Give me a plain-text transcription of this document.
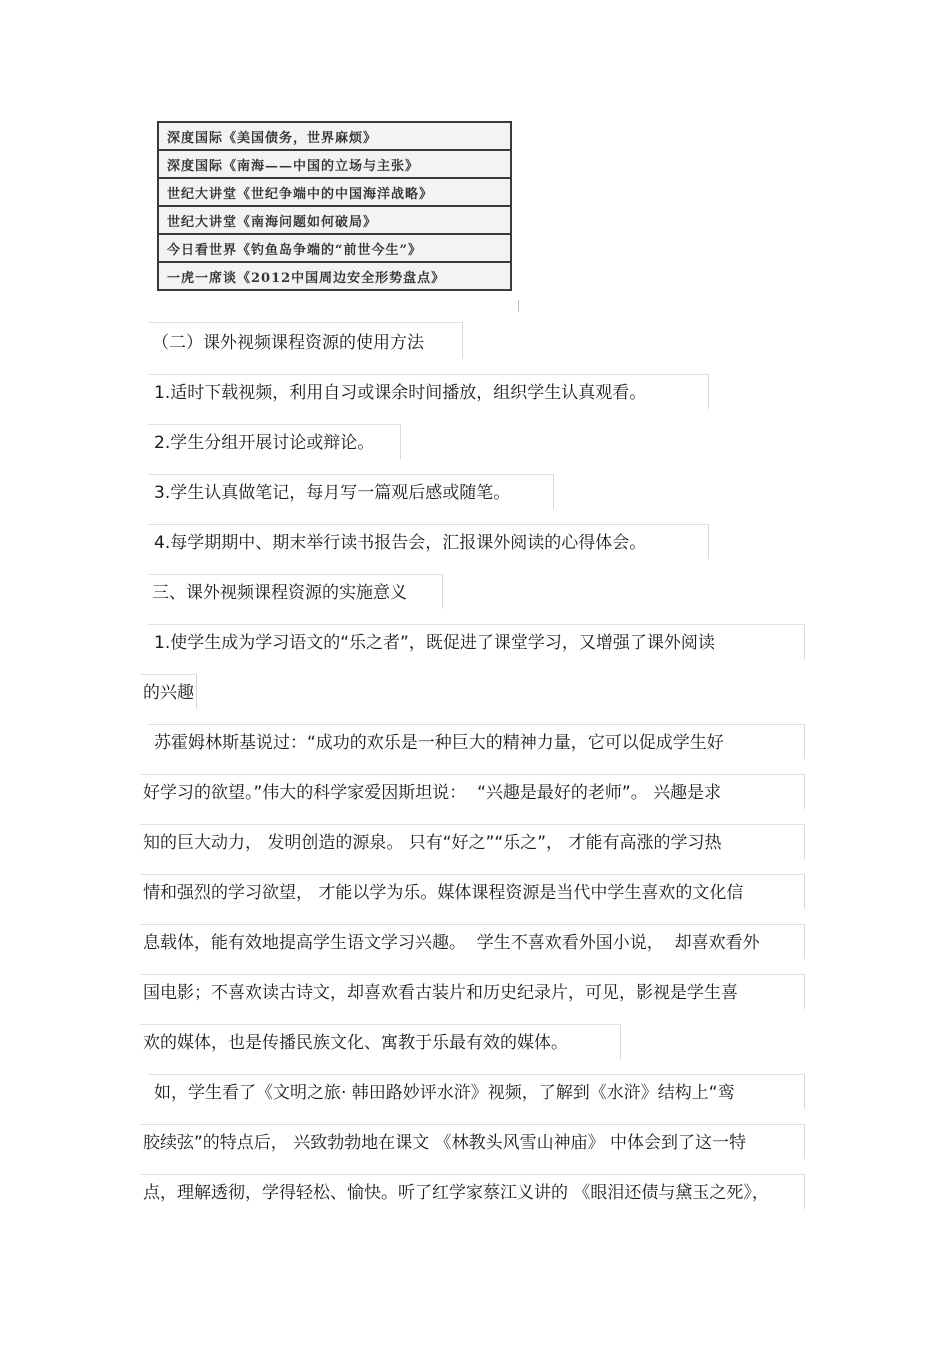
深度国际《美国债务，世界麻烦》
深度国际《南海——中国的立场与主张》
世纪大讲堂《世纪争端中的中国海洋战略》
世纪大讲堂《南海问题如何破局》
今日看世界《钓鱼岛争端的“前世今生”》
一虎一席谈《2012中国周边安全形势盘点》
（二）课外视频课程资源的使用方法
1.适时下载视频，利用自习或课余时间播放，组织学生认真观看。
2.学生分组开展讨论或辩论。
3.学生认真做笔记，每月写一篇观后感或随笔。
4.每学期期中、期末举行读书报告会，汇报课外阅读的心得体会。
三、课外视频课程资源的实施意义
1.使学生成为学习语文的“乐之者”，既促进了课堂学习，又增强了课外阅读
的兴趣
苏霍姆林斯基说过：“成功的欢乐是一种巨大的精神力量，它可以促成学生好
好学习的欲望。”伟大的科学家爱因斯坦说：  “兴趣是最好的老师”。 兴趣是求
知的巨大动力， 发明创造的源泉。 只有“好之”“乐之”， 才能有高涨的学习热
情和强烈的学习欲望， 才能以学为乐。媒体课程资源是当代中学生喜欢的文化信
息载体，能有效地提高学生语文学习兴趣。  学生不喜欢看外国小说，  却喜欢看外
国电影；不喜欢读古诗文，却喜欢看古装片和历史纪录片，可见，影视是学生喜
欢的媒体，也是传播民族文化、寓教于乐最有效的媒体。
如，学生看了《文明之旅· 韩田路妙评水浒》视频，了解到《水浒》结构上“鸾
胶续弦”的特点后， 兴致勃勃地在课文 《林教头风雪山神庙》 中体会到了这一特
点，理解透彻，学得轻松、愉快。听了红学家蔡江义讲的 《眼泪还债与黛玉之死》，
